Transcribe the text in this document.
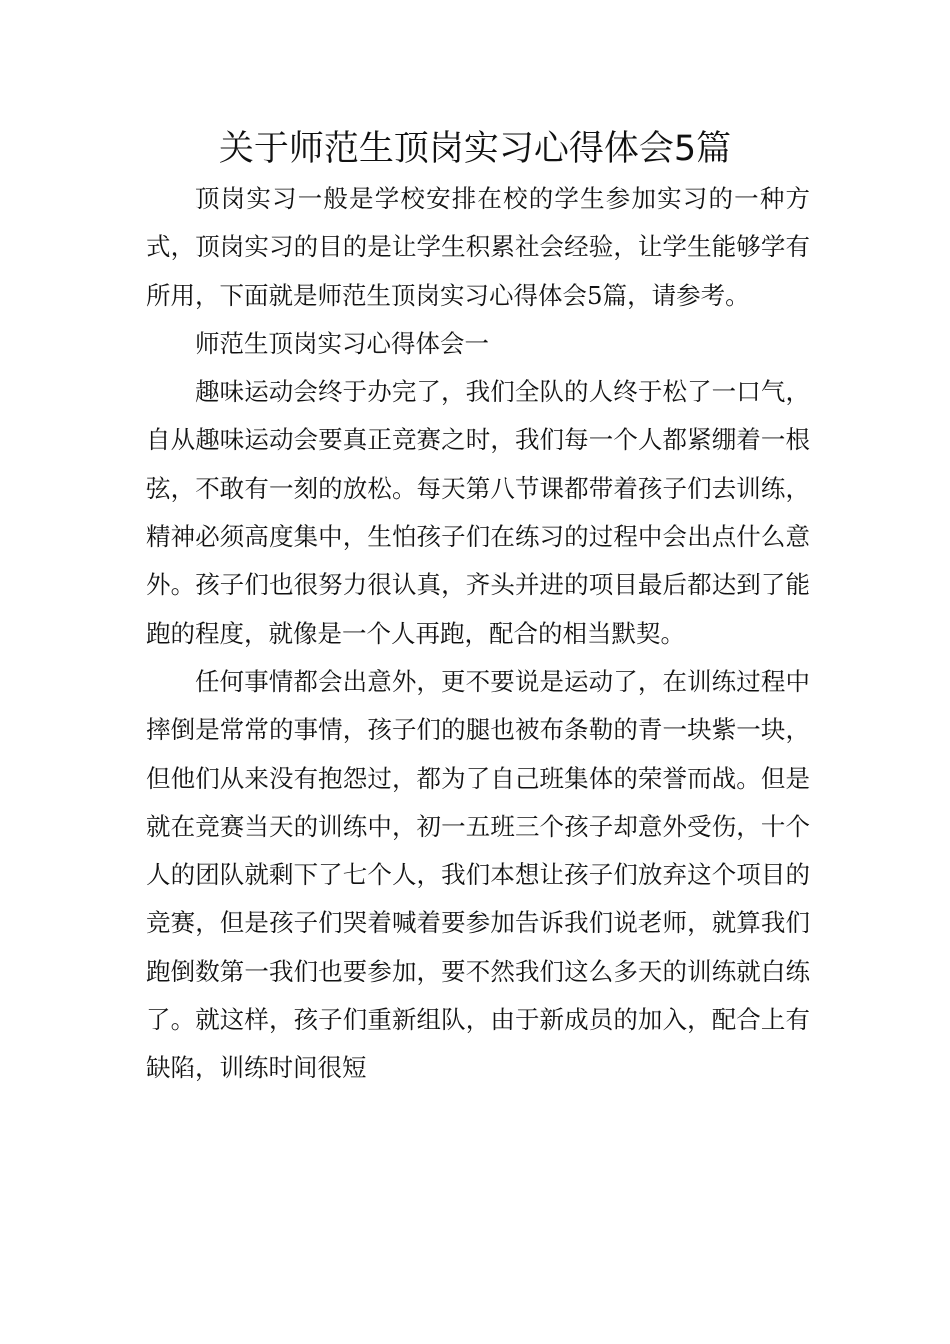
关于师范生顶岗实习心得体会5篇

顶岗实习一般是学校安排在校的学生参加实习的一种方式，顶岗实习的目的是让学生积累社会经验，让学生能够学有所用，下面就是师范生顶岗实习心得体会5篇，请参考。

师范生顶岗实习心得体会一

趣味运动会终于办完了，我们全队的人终于松了一口气，自从趣味运动会要真正竞赛之时，我们每一个人都紧绷着一根弦，不敢有一刻的放松。每天第八节课都带着孩子们去训练，精神必须高度集中，生怕孩子们在练习的过程中会出点什么意外。孩子们也很努力很认真，齐头并进的项目最后都达到了能跑的程度，就像是一个人再跑，配合的相当默契。

任何事情都会出意外，更不要说是运动了，在训练过程中摔倒是常常的事情，孩子们的腿也被布条勒的青一块紫一块，但他们从来没有抱怨过，都为了自己班集体的荣誉而战。但是就在竞赛当天的训练中，初一五班三个孩子却意外受伤，十个人的团队就剩下了七个人，我们本想让孩子们放弃这个项目的竞赛，但是孩子们哭着喊着要参加告诉我们说老师，就算我们跑倒数第一我们也要参加，要不然我们这么多天的训练就白练了。就这样，孩子们重新组队，由于新成员的加入，配合上有缺陷，训练时间很短
